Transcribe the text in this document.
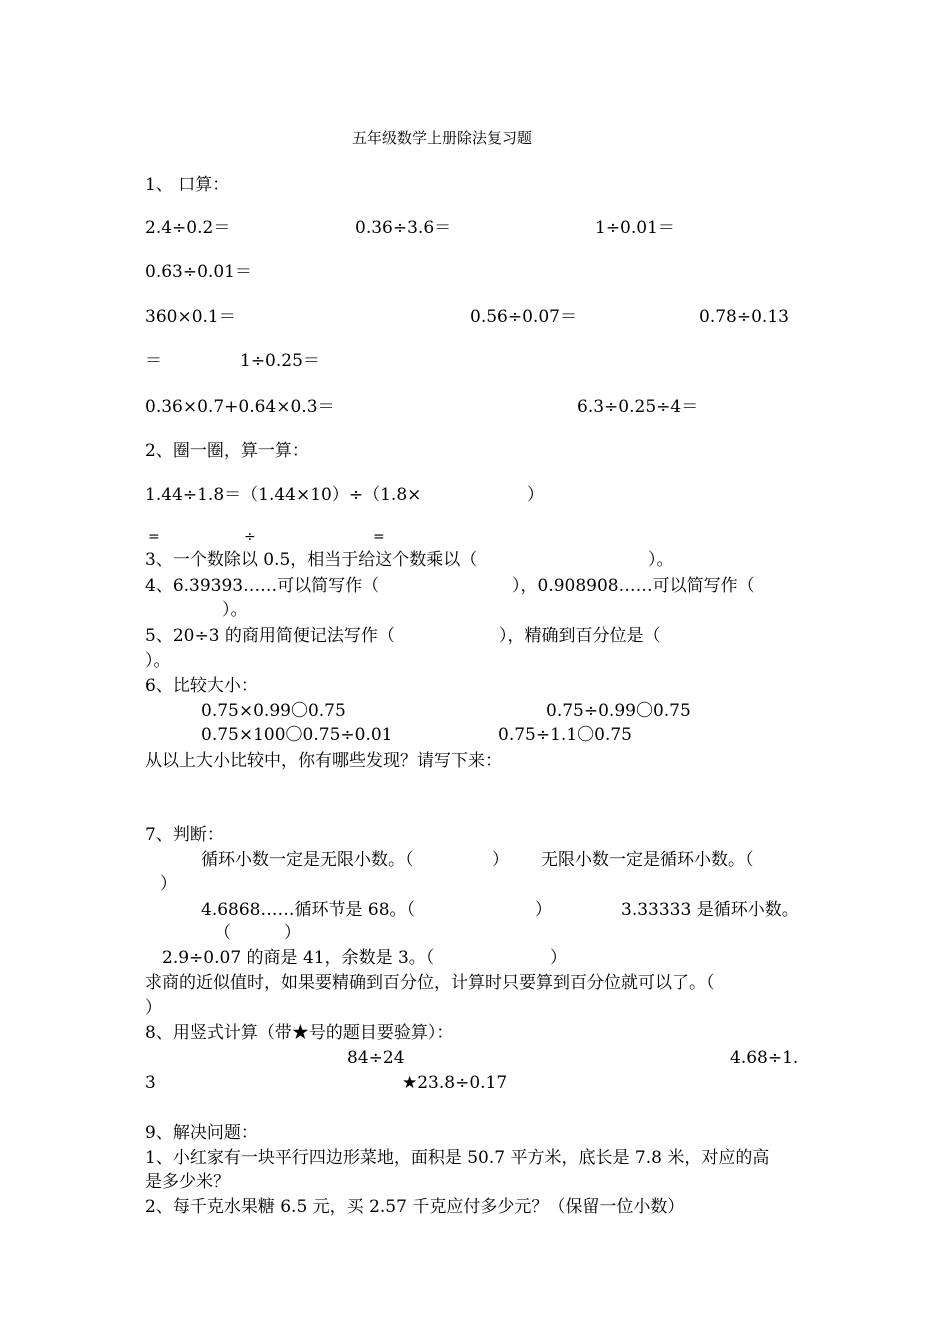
五年级数学上册除法复习题
1、 口算：
2.4÷0.2＝	0.36÷3.6＝	1÷0.01＝
0.63÷0.01＝
360×0.1＝	0.56÷0.07＝	0.78÷0.13
＝	1÷0.25＝
0.36×0.7+0.64×0.3＝	6.3÷0.25÷4＝
2、圈一圈，算一算：
1.44÷1.8＝（1.44×10）÷（1.8×	）
=	÷	=
3、一个数除以 0.5，相当于给这个数乘以（	）。
4、6.39393……可以简写作（	），0.908908……可以简写作（
）。
5、20÷3 的商用简便记法写作（	），精确到百分位是（
）。
6、比较大小：
0.75×0.99〇0.75	0.75÷0.99〇0.75
0.75×100〇0.75÷0.01	0.75÷1.1〇0.75
从以上大小比较中，你有哪些发现？请写下来：
7、判断：
循环小数一定是无限小数。（	） 无限小数一定是循环小数。（
）
4.6868……循环节是 68。（	）	3.33333 是循环小数。
（	）
2.9÷0.07 的商是 41，余数是 3。（	）
求商的近似值时，如果要精确到百分位，计算时只要算到百分位就可以了。（
）
8、用竖式计算（带★号的题目要验算）：
84÷24	4.68÷1.
3	★23.8÷0.17
9、解决问题：
1、小红家有一块平行四边形菜地，面积是 50.7 平方米，底长是 7.8 米，对应的高
是多少米？
2、每千克水果糖 6.5 元，买 2.57 千克应付多少元？（保留一位小数）
